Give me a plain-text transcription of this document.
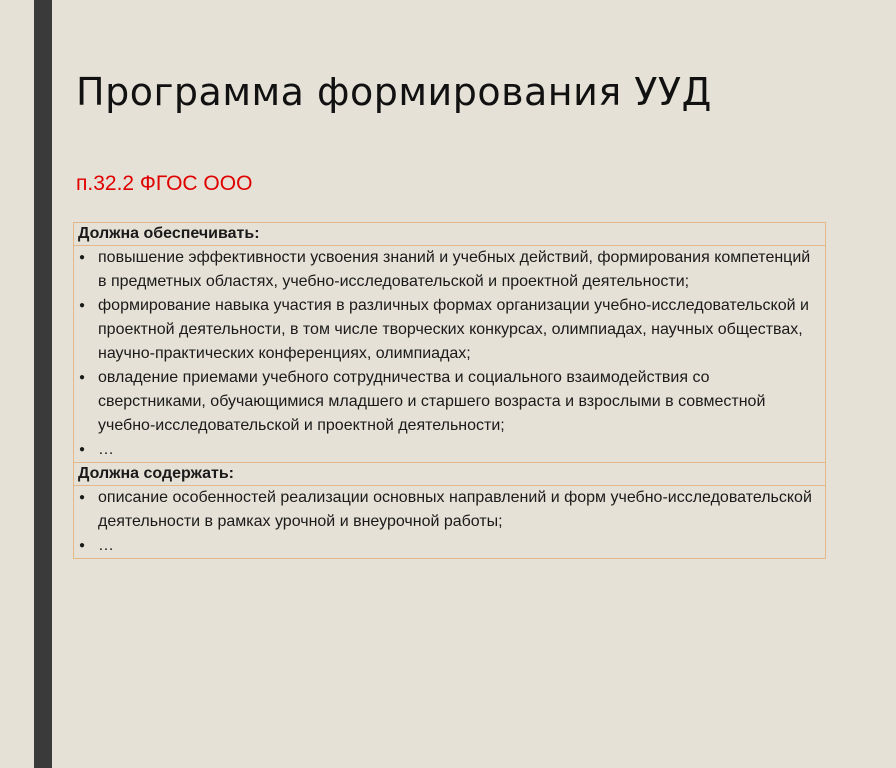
Программа формирования УУД
п.32.2 ФГОС ООО
Должна обеспечивать:

● повышение эффективности усвоения знаний и учебных действий, формирования компетенций в предметных областях, учебно-исследовательской и проектной деятельности;
● формирование навыка участия в различных формах организации учебно-исследовательской и проектной деятельности, в том числе творческих конкурсах, олимпиадах, научных обществах, научно-практических конференциях, олимпиадах;
● овладение приемами учебного сотрудничества и социального взаимодействия со сверстниками, обучающимися младшего и старшего возраста и взрослыми в совместной учебно-исследовательской и проектной деятельности;
● …

Должна содержать:

● описание особенностей реализации основных направлений и форм учебно-исследовательской деятельности в рамках урочной и внеурочной работы;
● …
